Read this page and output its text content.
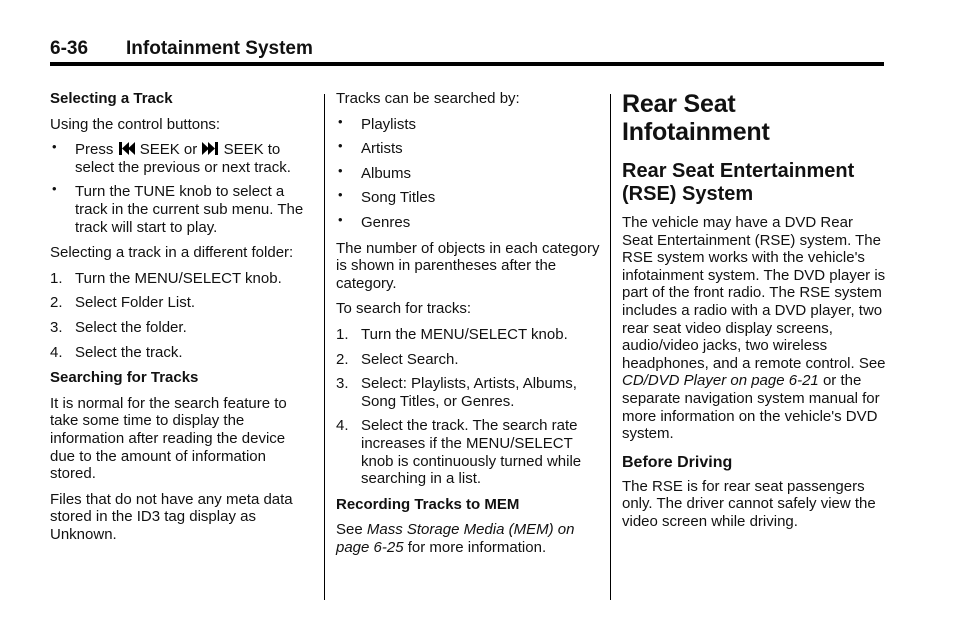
6-36 Infotainment System
Selecting a Track

Using the control buttons:

• Press SEEK or SEEK to select the previous or next track.
• Turn the TUNE knob to select a track in the current sub menu. The track will start to play.

Selecting a track in a different folder:

1. Turn the MENU/SELECT knob.
2. Select Folder List.
3. Select the folder.
4. Select the track.
Searching for Tracks

It is normal for the search feature to take some time to display the information after reading the device due to the amount of information stored.

Files that do not have any meta data stored in the ID3 tag display as Unknown.

Tracks can be searched by:

• Playlists
• Artists
• Albums
• Song Titles
• Genres

The number of objects in each category is shown in parentheses after the category.

To search for tracks:

1. Turn the MENU/SELECT knob.
2. Select Search.
3. Select: Playlists, Artists, Albums, Song Titles, or Genres.
4. Select the track. The search rate increases if the MENU/SELECT knob is continuously turned while searching in a list.
Recording Tracks to MEM

See Mass Storage Media (MEM) on page 6-25 for more information.

Rear Seat Infotainment
Rear Seat Entertainment (RSE) System

The vehicle may have a DVD Rear Seat Entertainment (RSE) system. The RSE system works with the vehicle's infotainment system. The DVD player is part of the front radio. The RSE system includes a radio with a DVD player, two rear seat video display screens, audio/video jacks, two wireless headphones, and a remote control. See CD/DVD Player on page 6-21 or the separate navigation system manual for more information on the vehicle's DVD system.

Before Driving

The RSE is for rear seat passengers only. The driver cannot safely view the video screen while driving.
